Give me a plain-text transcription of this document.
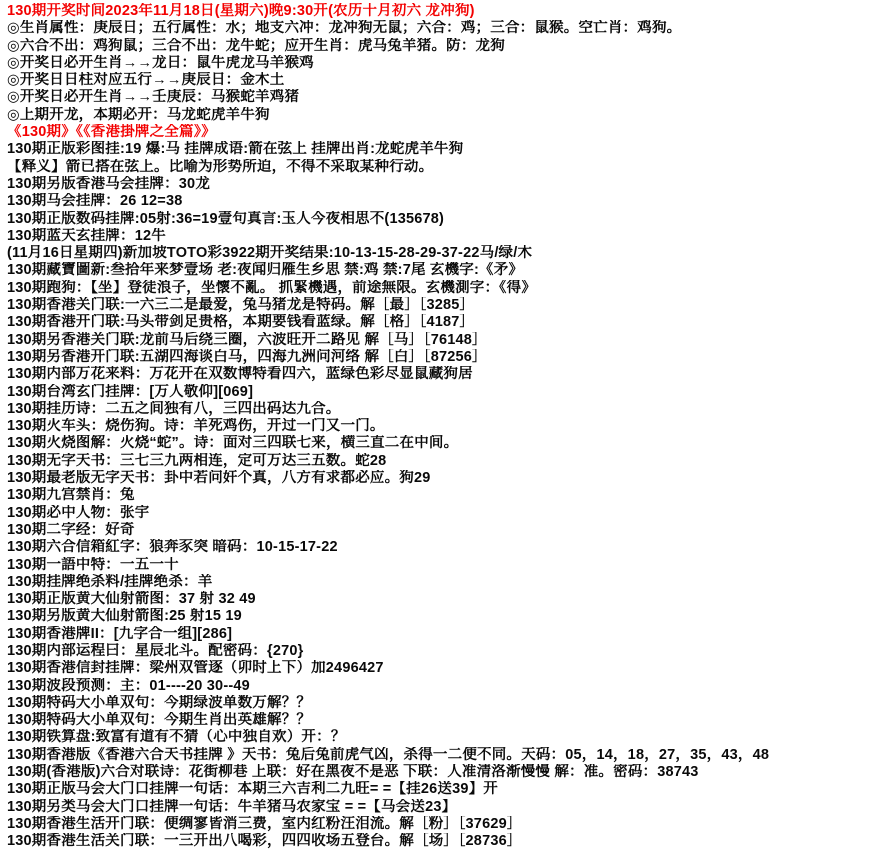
130期开奖时间2023年11月18日(星期六)晚9:30开(农历十月初六 龙冲狗)
◎生肖属性：庚辰日；五行属性：水；地支六冲：龙冲狗无鼠；六合：鸡；三合：鼠猴。空亡肖：鸡狗。
◎六合不出：鸡狗鼠；三合不出：龙牛蛇；应开生肖：虎马兔羊猪。防：龙狗
◎开奖日必开生肖→→龙日：鼠牛虎龙马羊猴鸡
◎开奖日日柱对应五行→→庚辰日：金木土
◎开奖日必开生肖→→壬庚辰：马猴蛇羊鸡猪
◎上期开龙，本期必开：马龙蛇虎羊牛狗
《130期》《《香港掛牌之全篇》》
130期正版彩图挂:19 爆:马 挂牌成语:箭在弦上 挂牌出肖:龙蛇虎羊牛狗
【释义】箭已搭在弦上。比喻为形势所迫，不得不采取某种行动。
130期另版香港马会挂牌：30龙
130期马会挂牌：26 12=38
130期正版数码挂牌:05射:36=19壹句真言:玉人今夜相思不(135678)
130期蓝天玄挂牌：12牛
(11月16日星期四)新加坡TOTO彩3922期开奖结果:10-13-15-28-29-37-22马/绿/木
130期藏寶圖新:叁拾年来梦壹场 老:夜闻归雁生乡思 禁:鸡 禁:7尾 玄機字:《矛》
130期跑狗：【坐】登徒浪子，坐懷不亂。 抓緊機遇，前途無限。玄機測字：《得》
130期香港关门联:一六三二是最爱，兔马猪龙是特码。解［最］［3285］
130期香港开门联:马头带剑足贵格，本期要钱看蓝绿。解［格］［4187］
130期另香港关门联:龙前马后绕三圈，六波旺开二路见 解［马］［76148］
130期另香港开门联:五湖四海谈白马，四海九洲问河络 解［白］［87256］
130期内部万花来料：万花开在双数博特看四六，蓝绿色彩尽显鼠藏狗居
130期台湾玄门挂牌：[万人敬仰][069]
130期挂历诗：二五之间独有八，三四出码达九合。
130期火车头：烧伤狗。诗：羊死鸡伤，开过一门又一门。
130期火烧图解：火烧“蛇”。诗：面对三四联七来，横三直二在中间。
130期无字天书：三七三九两相连，定可万达三五数。蛇28
130期最老版无字天书：卦中若问奸个真，八方有求都必应。狗29
130期九宫禁肖：兔
130期必中人物：张宇
130期二字经：好奇
130期六合信箱紅字：狼奔豕突 暗码：10-15-17-22
130期一語中特：一五一十
130期挂牌绝杀料/挂牌绝杀：羊
130期正版黄大仙射箭图：37 射 32 49
130期另版黄大仙射箭图:25 射15 19
130期香港牌II：[九字合一组][286]
130期内部运程曰：星辰北斗。配密码：{270}
130期香港信封挂牌：梁州双管逐（卯时上下）加2496427
130期波段预测：主：01----20 30--49
130期特码大小单双句：今期绿波单数万解？？
130期特码大小单双句：今期生肖出英雄解？？
130期铁算盘:致富有道有不猜（心中独自欢）开：？
130期香港版《香港六合天书挂牌 》天书：兔后兔前虎气凶，杀得一二便不同。天码：05，14，18，27，35，43，48
130期(香港版)六合对联诗：花街柳巷 上联：好在黑夜不是恶 下联：人准清洛渐慢慢 解：准。密码：38743
130期正版马会大门口挂牌一句话：本期三六吉利二九旺= =【挂26送39】开
130期另类马会大门口挂牌一句话：牛羊猪马农家宝 = =【马会送23】
130期香港生活开门联：便绸寥皆消三费，室内红粉汪泪流。解［粉］［37629］
130期香港生活关门联：一三开出八喝彩，四四收场五登台。解［场］［28736］
